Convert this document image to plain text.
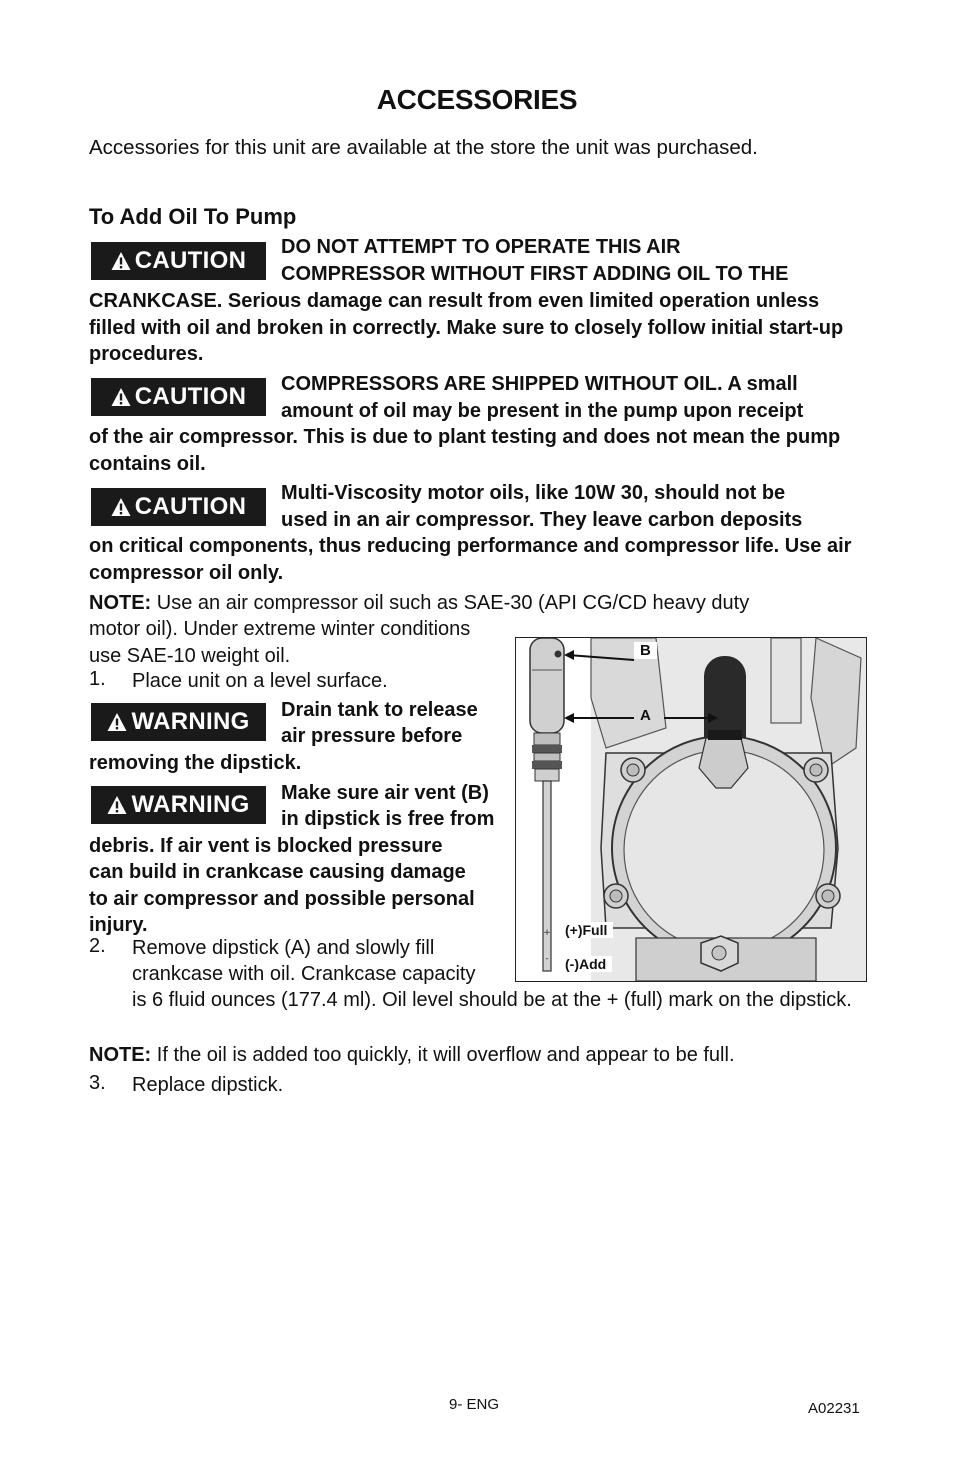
ACCESSORIES
Accessories for this unit are available at the store the unit was purchased.
To Add Oil To Pump
CAUTION DO NOT ATTEMPT TO OPERATE THIS AIR
COMPRESSOR WITHOUT FIRST ADDING OIL TO THE
CRANKCASE. Serious damage can result from even limited operation unless filled with oil and broken in correctly. Make sure to closely follow initial start-up procedures.
CAUTION COMPRESSORS ARE SHIPPED WITHOUT OIL. A small
amount of oil may be present in the pump upon receipt
of the air compressor. This is due to plant testing and does not mean the pump contains oil.
CAUTION Multi-Viscosity motor oils, like 10W 30, should not be
used in an air compressor. They leave carbon deposits
on critical components, thus reducing performance and compressor life. Use air compressor oil only.
NOTE: Use an air compressor oil such as SAE-30 (API CG/CD heavy duty
motor oil). Under extreme winter conditions
use SAE-10 weight oil.
1. Place unit on a level surface.
WARNING Drain tank to release
air pressure before
removing the dipstick.
WARNING Make sure air vent (B)
in dipstick is free from
debris. If air vent is blocked pressure
can build in crankcase causing damage
to air compressor and possible personal
injury.
2. Remove dipstick (A) and slowly fill
crankcase with oil. Crankcase capacity
is 6 fluid ounces (177.4 ml). Oil level should be at the + (full) mark on the dipstick.
NOTE: If the oil is added too quickly, it will overflow and appear to be full.
3. Replace dipstick.
+
-
B
A
(+)Full
(-)Add
9- ENG	A02231
